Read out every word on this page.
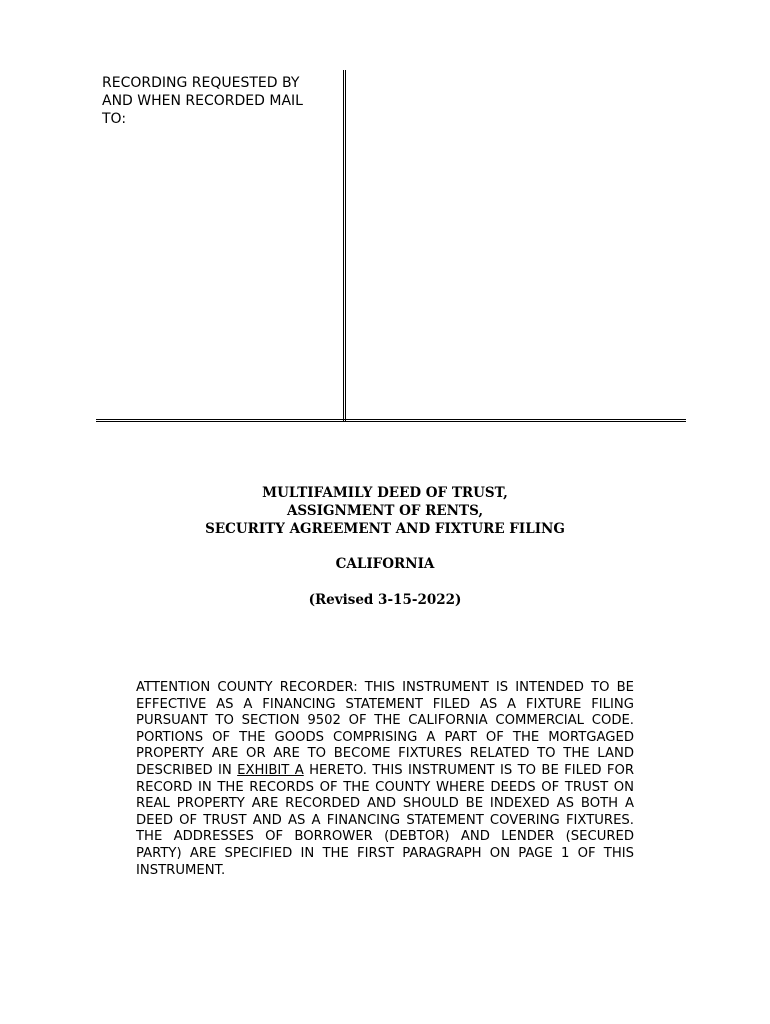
RECORDING REQUESTED BY
AND WHEN RECORDED MAIL
TO:
MULTIFAMILY DEED OF TRUST,
ASSIGNMENT OF RENTS,
SECURITY AGREEMENT AND FIXTURE FILING
CALIFORNIA
(Revised 3-15-2022)
ATTENTION COUNTY RECORDER: THIS INSTRUMENT IS INTENDED TO BE EFFECTIVE AS A FINANCING STATEMENT FILED AS A FIXTURE FILING PURSUANT TO SECTION 9502 OF THE CALIFORNIA COMMERCIAL CODE. PORTIONS OF THE GOODS COMPRISING A PART OF THE MORTGAGED PROPERTY ARE OR ARE TO BECOME FIXTURES RELATED TO THE LAND DESCRIBED IN EXHIBIT A HERETO. THIS INSTRUMENT IS TO BE FILED FOR RECORD IN THE RECORDS OF THE COUNTY WHERE DEEDS OF TRUST ON REAL PROPERTY ARE RECORDED AND SHOULD BE INDEXED AS BOTH A DEED OF TRUST AND AS A FINANCING STATEMENT COVERING FIXTURES. THE ADDRESSES OF BORROWER (DEBTOR) AND LENDER (SECURED PARTY) ARE SPECIFIED IN THE FIRST PARAGRAPH ON PAGE 1 OF THIS INSTRUMENT.
